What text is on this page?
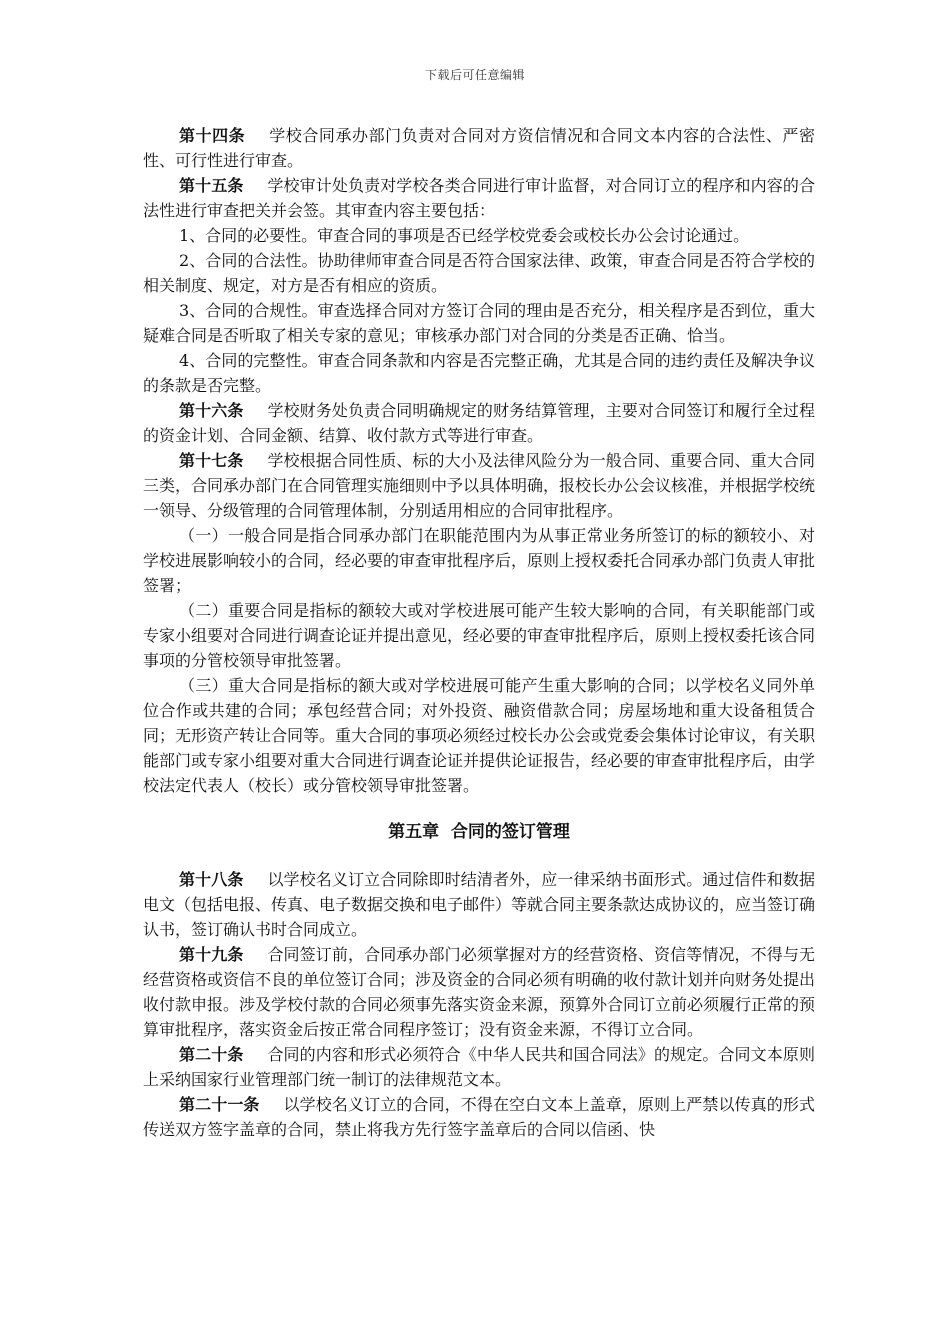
下载后可任意编辑

第十四条 学校合同承办部门负责对合同对方资信情况和合同文本内容的合法性、严密性、可行性进行审查。

第十五条 学校审计处负责对学校各类合同进行审计监督，对合同订立的程序和内容的合法性进行审查把关并会签。其审查内容主要包括：

1、合同的必要性。审查合同的事项是否已经学校党委会或校长办公会讨论通过。

2、合同的合法性。协助律师审查合同是否符合国家法律、政策，审查合同是否符合学校的相关制度、规定，对方是否有相应的资质。

3、合同的合规性。审查选择合同对方签订合同的理由是否充分，相关程序是否到位，重大疑难合同是否听取了相关专家的意见；审核承办部门对合同的分类是否正确、恰当。

4、合同的完整性。审查合同条款和内容是否完整正确，尤其是合同的违约责任及解决争议的条款是否完整。

第十六条 学校财务处负责合同明确规定的财务结算管理，主要对合同签订和履行全过程的资金计划、合同金额、结算、收付款方式等进行审查。

第十七条 学校根据合同性质、标的大小及法律风险分为一般合同、重要合同、重大合同三类，合同承办部门在合同管理实施细则中予以具体明确，报校长办公会议核准，并根据学校统一领导、分级管理的合同管理体制，分别适用相应的合同审批程序。

（一）一般合同是指合同承办部门在职能范围内为从事正常业务所签订的标的额较小、对学校进展影响较小的合同，经必要的审查审批程序后，原则上授权委托合同承办部门负责人审批签署；

（二）重要合同是指标的额较大或对学校进展可能产生较大影响的合同，有关职能部门或专家小组要对合同进行调查论证并提出意见，经必要的审查审批程序后，原则上授权委托该合同事项的分管校领导审批签署。

（三）重大合同是指标的额大或对学校进展可能产生重大影响的合同；以学校名义同外单位合作或共建的合同；承包经营合同；对外投资、融资借款合同；房屋场地和重大设备租赁合同；无形资产转让合同等。重大合同的事项必须经过校长办公会或党委会集体讨论审议，有关职能部门或专家小组要对重大合同进行调查论证并提供论证报告，经必要的审查审批程序后，由学校法定代表人（校长）或分管校领导审批签署。

第五章  合同的签订管理

第十八条 以学校名义订立合同除即时结清者外，应一律采纳书面形式。通过信件和数据电文（包括电报、传真、电子数据交换和电子邮件）等就合同主要条款达成协议的，应当签订确认书，签订确认书时合同成立。

第十九条 合同签订前，合同承办部门必须掌握对方的经营资格、资信等情况，不得与无经营资格或资信不良的单位签订合同；涉及资金的合同必须有明确的收付款计划并向财务处提出收付款申报。涉及学校付款的合同必须事先落实资金来源，预算外合同订立前必须履行正常的预算审批程序，落实资金后按正常合同程序签订；没有资金来源，不得订立合同。

第二十条 合同的内容和形式必须符合《中华人民共和国合同法》的规定。合同文本原则上采纳国家行业管理部门统一制订的法律规范文本。

第二十一条 以学校名义订立的合同，不得在空白文本上盖章，原则上严禁以传真的形式传送双方签字盖章的合同，禁止将我方先行签字盖章后的合同以信函、快
